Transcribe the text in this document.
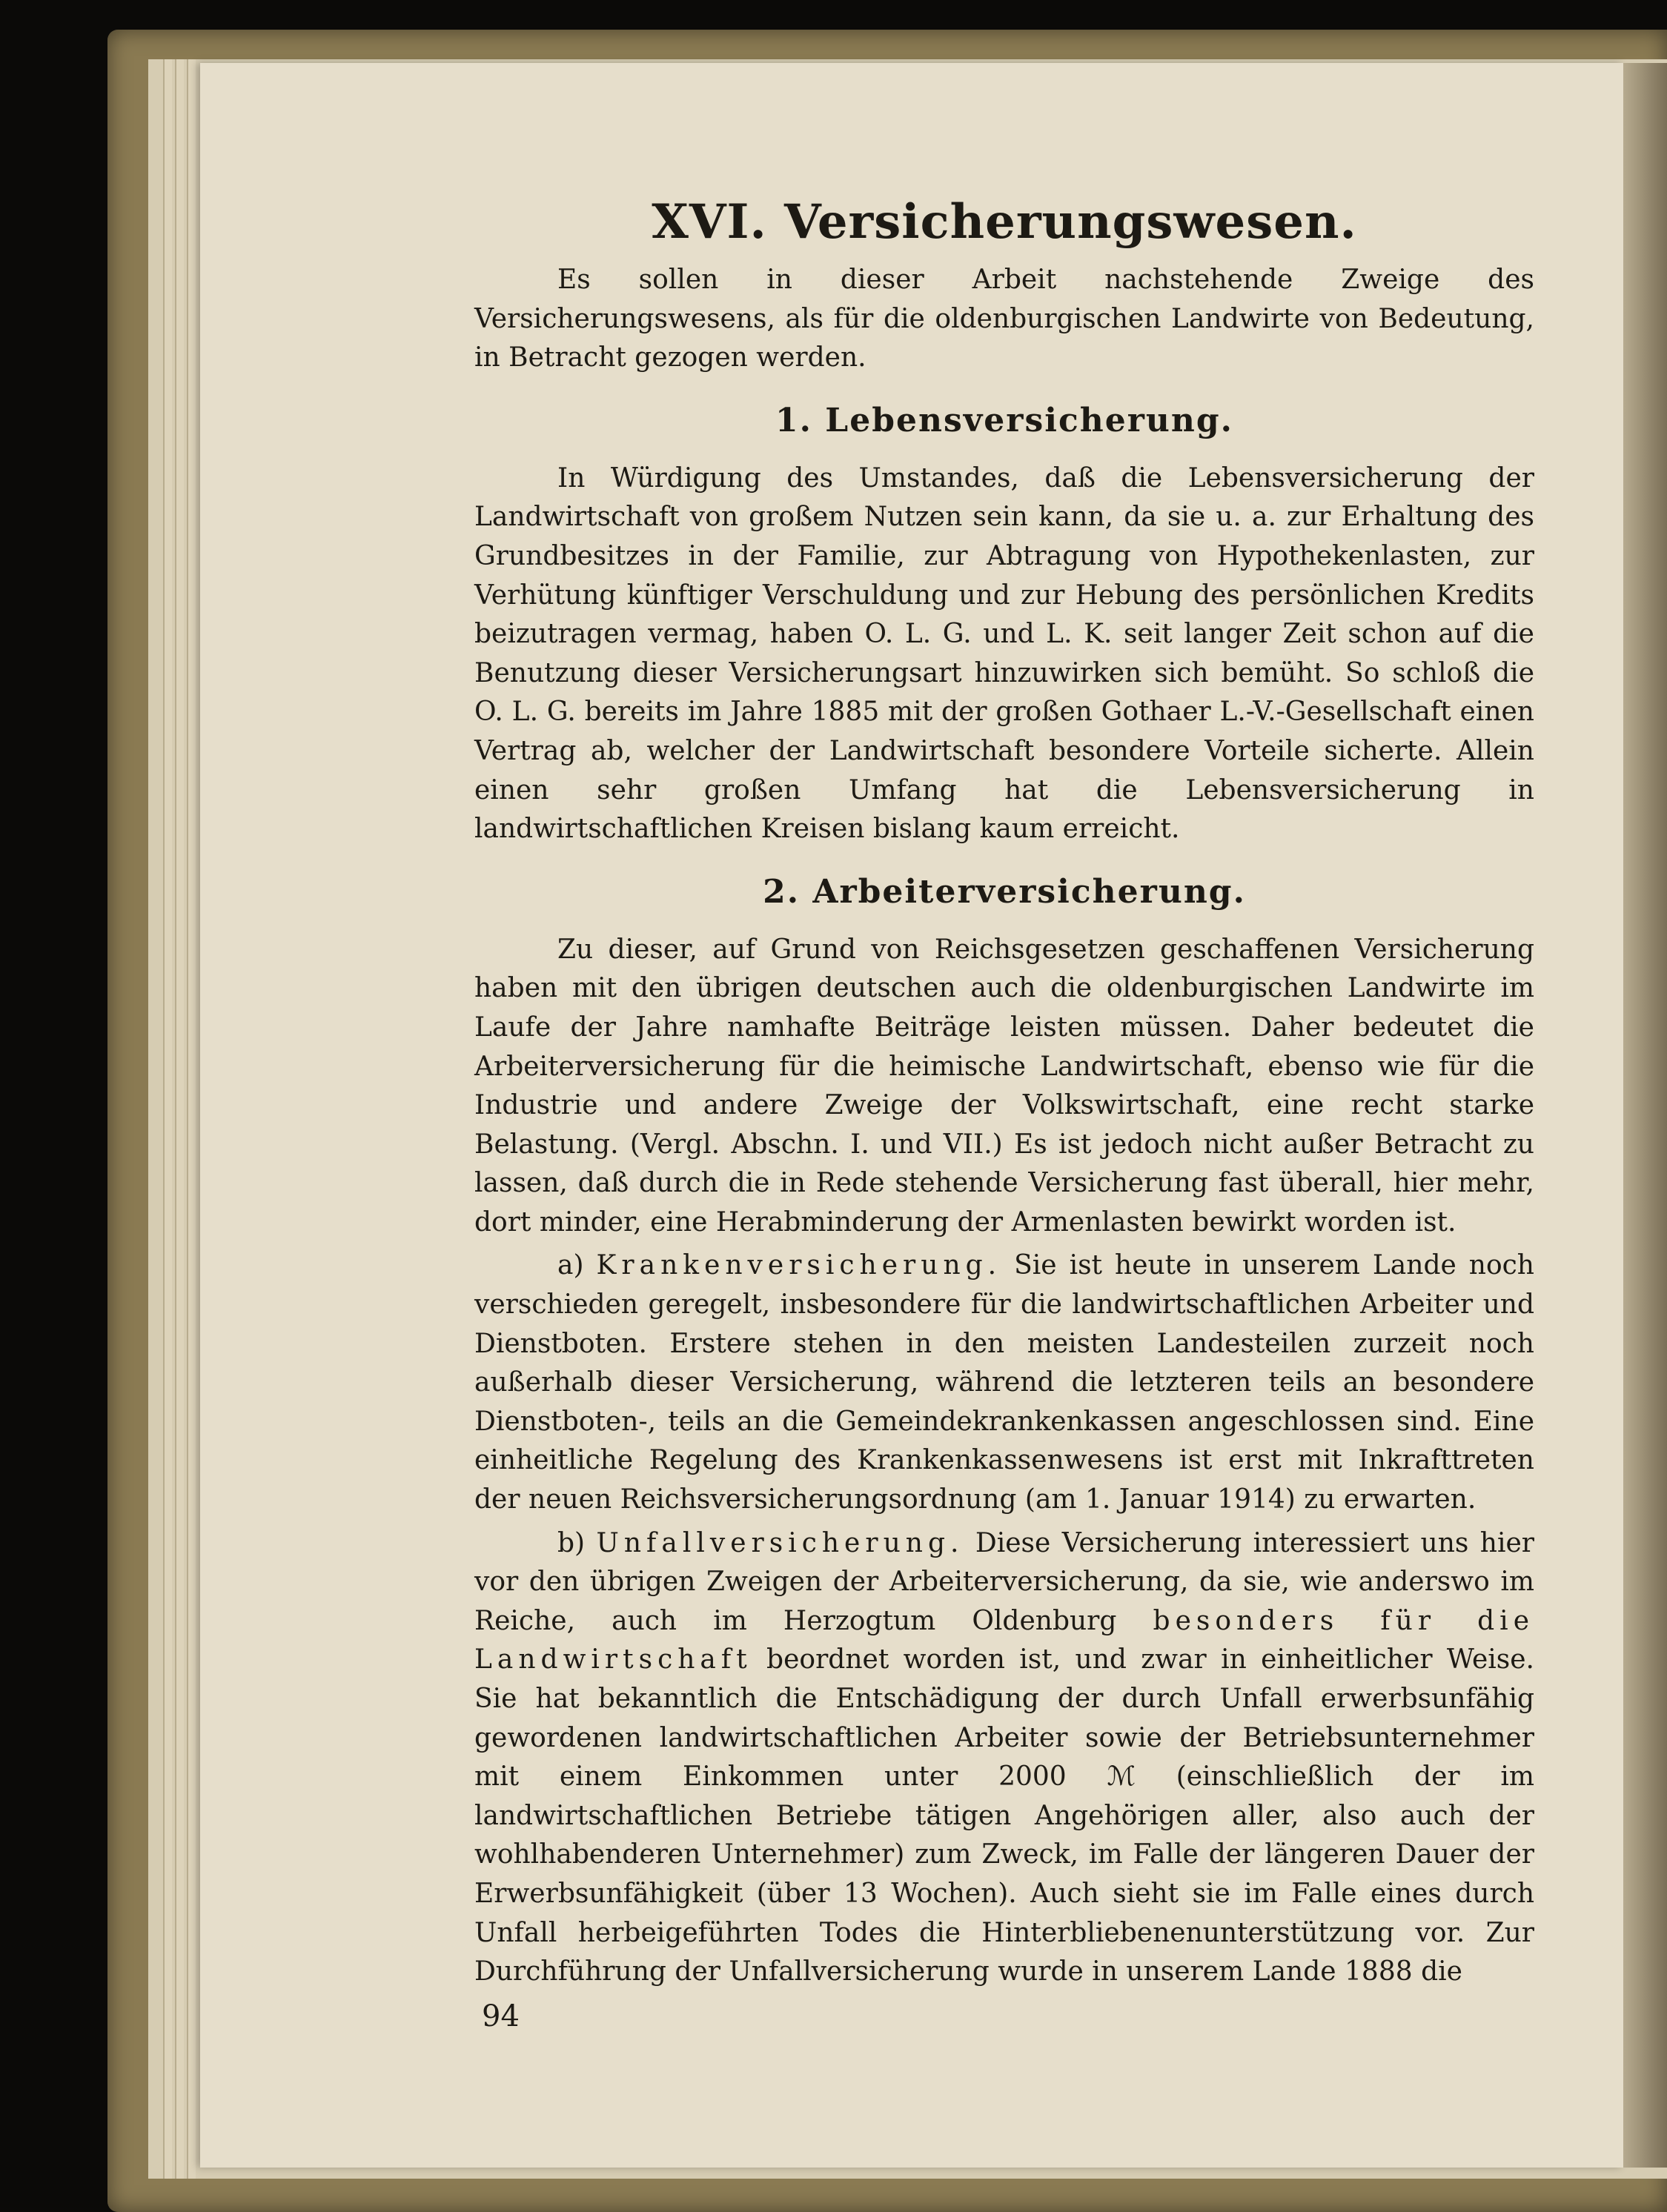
XVI. Versicherungswesen.

Es sollen in dieser Arbeit nachstehende Zweige des Versicherungswesens, als für die oldenburgischen Landwirte von Bedeutung, in Betracht gezogen werden.

1. Lebensversicherung.

In Würdigung des Umstandes, daß die Lebensversicherung der Landwirtschaft von großem Nutzen sein kann, da sie u. a. zur Erhaltung des Grundbesitzes in der Familie, zur Abtragung von Hypothekenlasten, zur Verhütung künftiger Verschuldung und zur Hebung des persönlichen Kredits beizutragen vermag, haben O. L. G. und L. K. seit langer Zeit schon auf die Benutzung dieser Versicherungsart hinzuwirken sich bemüht. So schloß die O. L. G. bereits im Jahre 1885 mit der großen Gothaer L.-V.-Gesellschaft einen Vertrag ab, welcher der Landwirtschaft besondere Vorteile sicherte. Allein einen sehr großen Umfang hat die Lebensversicherung in landwirtschaftlichen Kreisen bislang kaum erreicht.

2. Arbeiterversicherung.

Zu dieser, auf Grund von Reichsgesetzen geschaffenen Versicherung haben mit den übrigen deutschen auch die oldenburgischen Landwirte im Laufe der Jahre namhafte Beiträge leisten müssen. Daher bedeutet die Arbeiterversicherung für die heimische Landwirtschaft, ebenso wie für die Industrie und andere Zweige der Volkswirtschaft, eine recht starke Belastung. (Vergl. Abschn. I. und VII.) Es ist jedoch nicht außer Betracht zu lassen, daß durch die in Rede stehende Versicherung fast überall, hier mehr, dort minder, eine Herabminderung der Armenlasten bewirkt worden ist.

a) Krankenversicherung. Sie ist heute in unserem Lande noch verschieden geregelt, insbesondere für die landwirtschaftlichen Arbeiter und Dienstboten. Erstere stehen in den meisten Landesteilen zurzeit noch außerhalb dieser Versicherung, während die letzteren teils an besondere Dienstboten-, teils an die Gemeindekrankenkassen angeschlossen sind. Eine einheitliche Regelung des Krankenkassenwesens ist erst mit Inkrafttreten der neuen Reichsversicherungsordnung (am 1. Januar 1914) zu erwarten.

b) Unfallversicherung. Diese Versicherung interessiert uns hier vor den übrigen Zweigen der Arbeiterversicherung, da sie, wie anderswo im Reiche, auch im Herzogtum Oldenburg besonders für die Landwirtschaft beordnet worden ist, und zwar in einheitlicher Weise. Sie hat bekanntlich die Entschädigung der durch Unfall erwerbsunfähig gewordenen landwirtschaftlichen Arbeiter sowie der Betriebsunternehmer mit einem Einkommen unter 2000 ℳ (einschließlich der im landwirtschaftlichen Betriebe tätigen Angehörigen aller, also auch der wohlhabenderen Unternehmer) zum Zweck, im Falle der längeren Dauer der Erwerbsunfähigkeit (über 13 Wochen). Auch sieht sie im Falle eines durch Unfall herbeigeführten Todes die Hinterbliebenenunterstützung vor. Zur Durchführung der Unfallversicherung wurde in unserem Lande 1888 die

94
